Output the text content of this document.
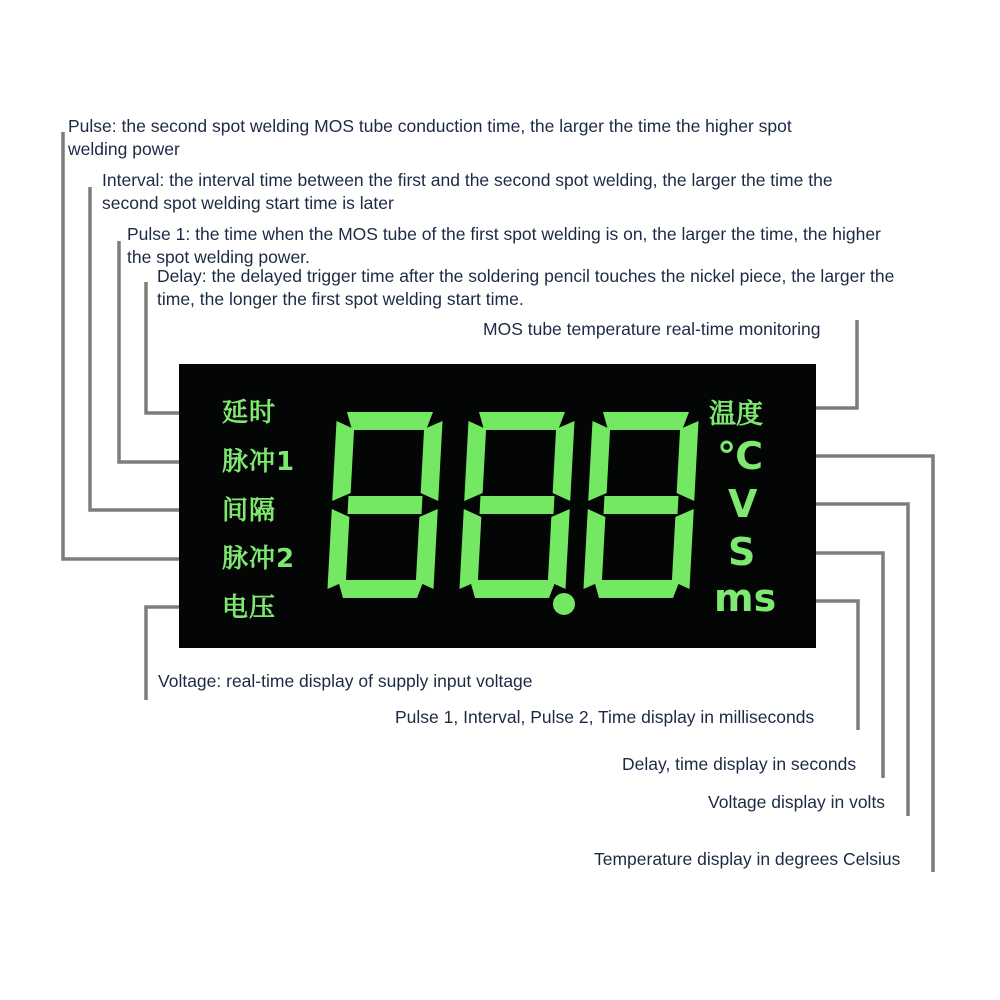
Pulse: the second spot welding MOS tube conduction time, the larger the time the higher spot welding power
Interval: the interval time between the first and the second spot welding, the larger the time the second spot welding start time is later
Pulse 1: the time when the MOS tube of the first spot welding is on, the larger the time, the higher the spot welding power.
Delay: the delayed trigger time after the soldering pencil touches the nickel piece, the larger the time, the longer the first spot welding start time.
MOS tube temperature real-time monitoring
Voltage: real-time display of supply input voltage
Pulse 1, Interval, Pulse 2, Time display in milliseconds
Delay, time display in seconds
Voltage display in volts
Temperature display in degrees Celsius
延时
脉冲1
间隔
脉冲2
电压
温度
℃
V
S
ms
